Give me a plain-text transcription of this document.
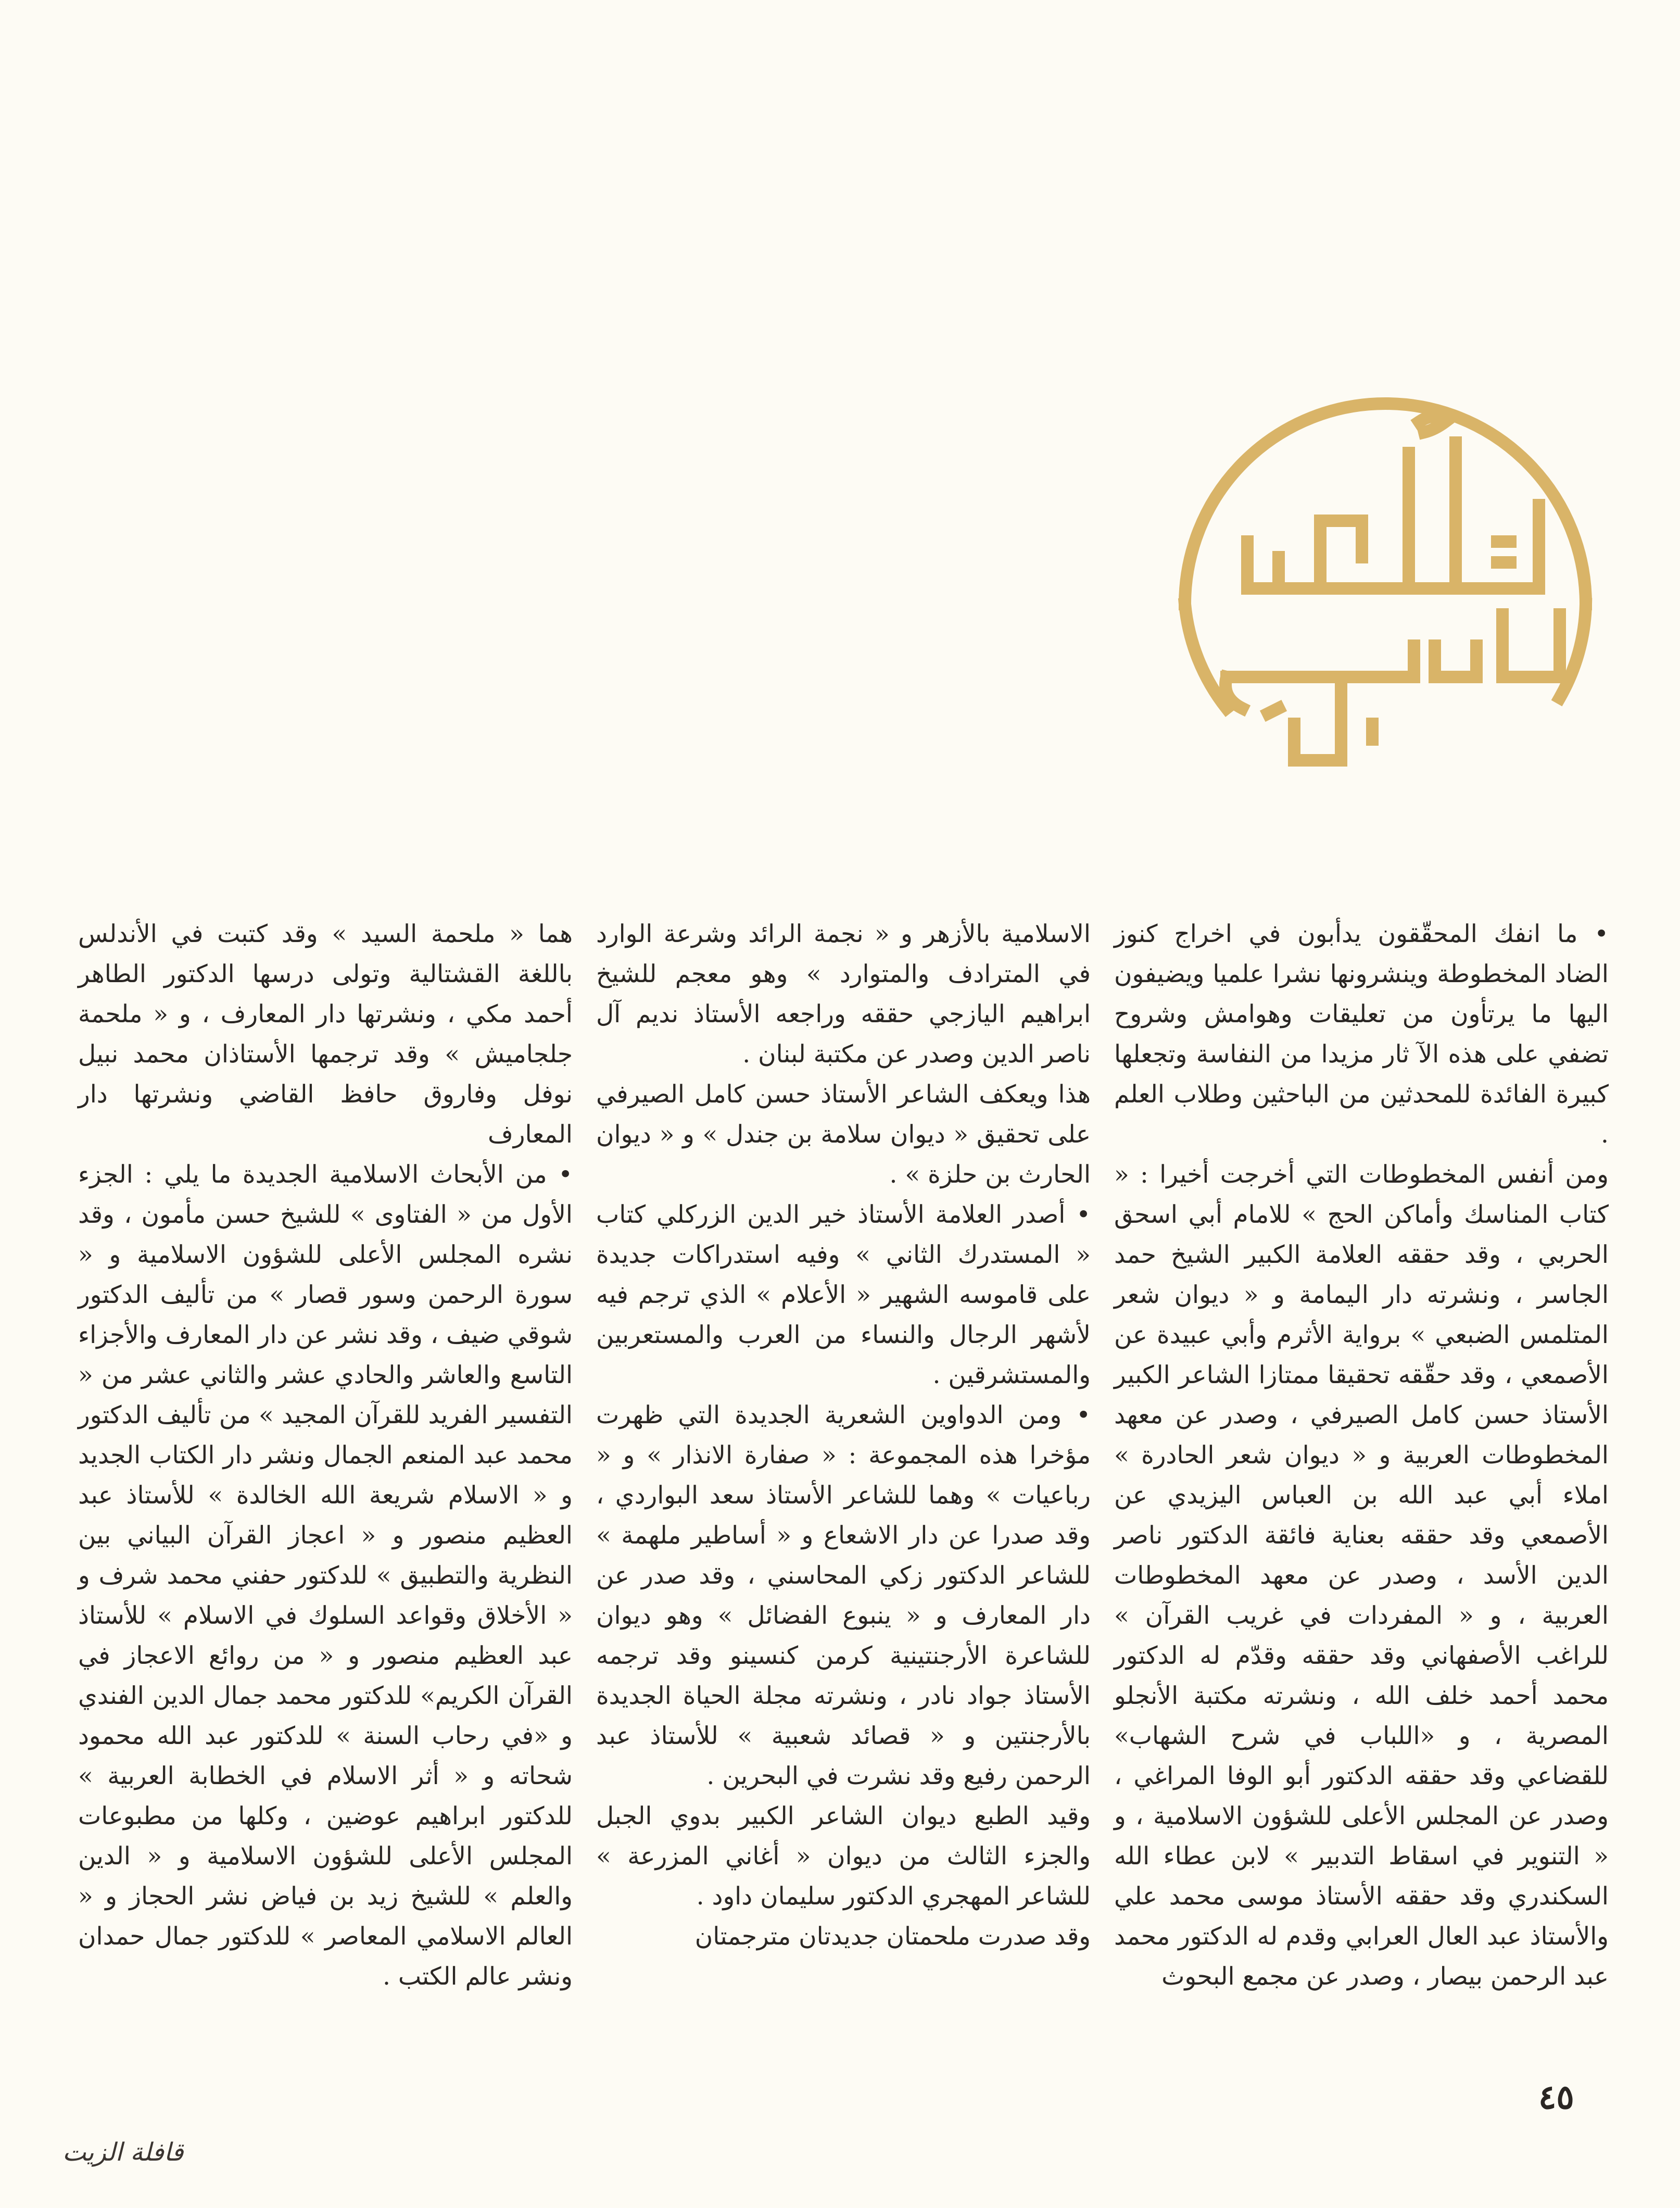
• ما انفك المحقّقون يدأبون في اخراج كنوز الضاد المخطوطة وينشرونها نشرا علميا ويضيفون اليها ما يرتأون من تعليقات وهوامش وشروح تضفي على هذه الآ ثار مزيدا من النفاسة وتجعلها كبيرة الفائدة للمحدثين من الباحثين وطلاب العلم .

ومن أنفس المخطوطات التي أخرجت أخيرا : « كتاب المناسك وأماكن الحج » للامام أبي اسحق الحربي ، وقد حققه العلامة الكبير الشيخ حمد الجاسر ، ونشرته دار اليمامة و « ديوان شعر المتلمس الضبعي » برواية الأثرم وأبي عبيدة عن الأصمعي ، وقد حقّقه تحقيقا ممتازا الشاعر الكبير الأستاذ حسن كامل الصيرفي ، وصدر عن معهد المخطوطات العربية و « ديوان شعر الحادرة » املاء أبي عبد الله بن العباس اليزيدي عن الأصمعي وقد حققه بعناية فائقة الدكتور ناصر الدين الأسد ، وصدر عن معهد المخطوطات العربية ، و « المفردات في غريب القرآن » للراغب الأصفهاني وقد حققه وقدّم له الدكتور محمد أحمد خلف الله ، ونشرته مكتبة الأنجلو المصرية ، و «اللباب في شرح الشهاب» للقضاعي وقد حققه الدكتور أبو الوفا المراغي ، وصدر عن المجلس الأعلى للشؤون الاسلامية ، و « التنوير في اسقاط التدبير » لابن عطاء الله السكندري وقد حققه الأستاذ موسى محمد علي والأستاذ عبد العال العرابي وقدم له الدكتور محمد عبد الرحمن بيصار ، وصدر عن مجمع البحوث

الاسلامية بالأزهر و « نجمة الرائد وشرعة الوارد في المترادف والمتوارد » وهو معجم للشيخ ابراهيم اليازجي حققه وراجعه الأستاذ نديم آل ناصر الدين وصدر عن مكتبة لبنان .

هذا ويعكف الشاعر الأستاذ حسن كامل الصيرفي على تحقيق « ديوان سلامة بن جندل » و « ديوان الحارث بن حلزة » .

• أصدر العلامة الأستاذ خير الدين الزركلي كتاب « المستدرك الثاني » وفيه استدراكات جديدة على قاموسه الشهير « الأعلام » الذي ترجم فيه لأشهر الرجال والنساء من العرب والمستعربين والمستشرقين .

• ومن الدواوين الشعرية الجديدة التي ظهرت مؤخرا هذه المجموعة : « صفارة الانذار » و « رباعيات » وهما للشاعر الأستاذ سعد البواردي ، وقد صدرا عن دار الاشعاع و « أساطير ملهمة » للشاعر الدكتور زكي المحاسني ، وقد صدر عن دار المعارف و « ينبوع الفضائل » وهو ديوان للشاعرة الأرجنتينية كرمن كنسينو وقد ترجمه الأستاذ جواد نادر ، ونشرته مجلة الحياة الجديدة بالأرجنتين و « قصائد شعبية » للأستاذ عبد الرحمن رفيع وقد نشرت في البحرين .

وقيد الطبع ديوان الشاعر الكبير بدوي الجبل والجزء الثالث من ديوان « أغاني المزرعة » للشاعر المهجري الدكتور سليمان داود .

وقد صدرت ملحمتان جديدتان مترجمتان

هما « ملحمة السيد » وقد كتبت في الأندلس باللغة القشتالية وتولى درسها الدكتور الطاهر أحمد مكي ، ونشرتها دار المعارف ، و « ملحمة جلجاميش » وقد ترجمها الأستاذان محمد نبيل نوفل وفاروق حافظ القاضي ونشرتها دار المعارف

• من الأبحاث الاسلامية الجديدة ما يلي : الجزء الأول من « الفتاوى » للشيخ حسن مأمون ، وقد نشره المجلس الأعلى للشؤون الاسلامية و « سورة الرحمن وسور قصار » من تأليف الدكتور شوقي ضيف ، وقد نشر عن دار المعارف والأجزاء التاسع والعاشر والحادي عشر والثاني عشر من « التفسير الفريد للقرآن المجيد » من تأليف الدكتور محمد عبد المنعم الجمال ونشر دار الكتاب الجديد و « الاسلام شريعة الله الخالدة » للأستاذ عبد العظيم منصور و « اعجاز القرآن البياني بين النظرية والتطبيق » للدكتور حفني محمد شرف و « الأخلاق وقواعد السلوك في الاسلام » للأستاذ عبد العظيم منصور و « من روائع الاعجاز في القرآن الكريم» للدكتور محمد جمال الدين الفندي و «في رحاب السنة » للدكتور عبد الله محمود شحاته و « أثر الاسلام في الخطابة العربية » للدكتور ابراهيم عوضين ، وكلها من مطبوعات المجلس الأعلى للشؤون الاسلامية و « الدين والعلم » للشيخ زيد بن فياض نشر الحجاز و « العالم الاسلامي المعاصر » للدكتور جمال حمدان ونشر عالم الكتب .

٤٥
قافلة الزيت
